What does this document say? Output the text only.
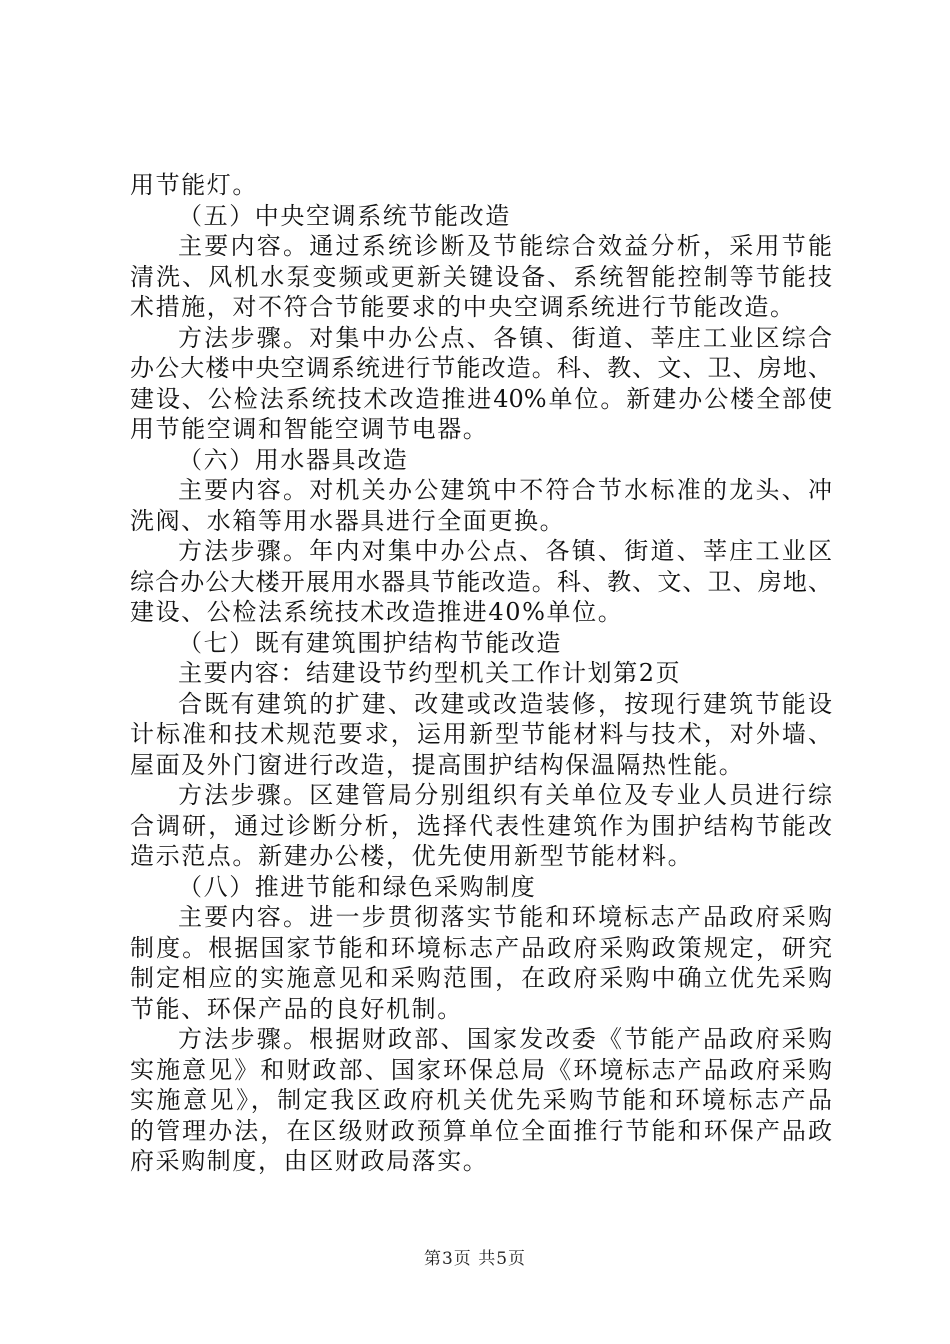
用节能灯。
（五）中央空调系统节能改造
主要内容。通过系统诊断及节能综合效益分析，采用节能
清洗、风机水泵变频或更新关键设备、系统智能控制等节能技
术措施，对不符合节能要求的中央空调系统进行节能改造。
方法步骤。对集中办公点、各镇、街道、莘庄工业区综合
办公大楼中央空调系统进行节能改造。科、教、文、卫、房地、
建设、公检法系统技术改造推进40%单位。新建办公楼全部使
用节能空调和智能空调节电器。
（六）用水器具改造
主要内容。对机关办公建筑中不符合节水标准的龙头、冲
洗阀、水箱等用水器具进行全面更换。
方法步骤。年内对集中办公点、各镇、街道、莘庄工业区
综合办公大楼开展用水器具节能改造。科、教、文、卫、房地、
建设、公检法系统技术改造推进40%单位。
（七）既有建筑围护结构节能改造
主要内容：结建设节约型机关工作计划第2页
合既有建筑的扩建、改建或改造装修，按现行建筑节能设
计标准和技术规范要求，运用新型节能材料与技术，对外墙、
屋面及外门窗进行改造，提高围护结构保温隔热性能。
方法步骤。区建管局分别组织有关单位及专业人员进行综
合调研，通过诊断分析，选择代表性建筑作为围护结构节能改
造示范点。新建办公楼，优先使用新型节能材料。
（八）推进节能和绿色采购制度
主要内容。进一步贯彻落实节能和环境标志产品政府采购
制度。根据国家节能和环境标志产品政府采购政策规定，研究
制定相应的实施意见和采购范围，在政府采购中确立优先采购
节能、环保产品的良好机制。
方法步骤。根据财政部、国家发改委《节能产品政府采购
实施意见》和财政部、国家环保总局《环境标志产品政府采购
实施意见》，制定我区政府机关优先采购节能和环境标志产品
的管理办法，在区级财政预算单位全面推行节能和环保产品政
府采购制度，由区财政局落实。
第3页 共5页
